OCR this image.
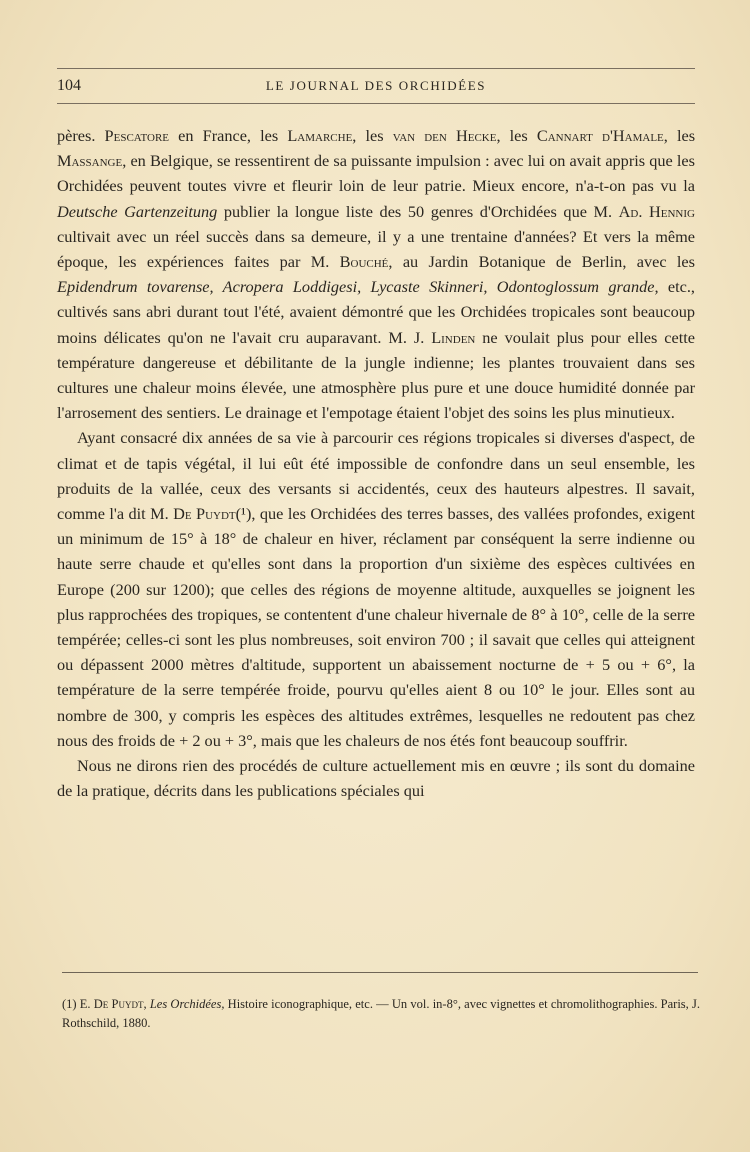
104	LE JOURNAL DES ORCHIDÉES

pères. Pescatore en France, les Lamarche, les van den Hecke, les Cannart d'Hamale, les Massange, en Belgique, se ressentirent de sa puissante impulsion : avec lui on avait appris que les Orchidées peuvent toutes vivre et fleurir loin de leur patrie. Mieux encore, n'a-t-on pas vu la Deutsche Gartenzeitung publier la longue liste des 50 genres d'Orchidées que M. Ad. Hennig cultivait avec un réel succès dans sa demeure, il y a une trentaine d'années? Et vers la même époque, les expériences faites par M. Bouché, au Jardin Botanique de Berlin, avec les Epidendrum tovarense, Acropera Loddigesi, Lycaste Skinneri, Odontoglossum grande, etc., cultivés sans abri durant tout l'été, avaient démontré que les Orchidées tropicales sont beaucoup moins délicates qu'on ne l'avait cru auparavant. M. J. Linden ne voulait plus pour elles cette température dangereuse et débilitante de la jungle indienne; les plantes trouvaient dans ses cultures une chaleur moins élevée, une atmosphère plus pure et une douce humidité donnée par l'arrosement des sentiers. Le drainage et l'empotage étaient l'objet des soins les plus minutieux.

Ayant consacré dix années de sa vie à parcourir ces régions tropicales si diverses d'aspect, de climat et de tapis végétal, il lui eût été impossible de confondre dans un seul ensemble, les produits de la vallée, ceux des versants si accidentés, ceux des hauteurs alpestres. Il savait, comme l'a dit M. De Puydt(¹), que les Orchidées des terres basses, des vallées profondes, exigent un minimum de 15° à 18° de chaleur en hiver, réclament par conséquent la serre indienne ou haute serre chaude et qu'elles sont dans la proportion d'un sixième des espèces cultivées en Europe (200 sur 1200); que celles des régions de moyenne altitude, auxquelles se joignent les plus rapprochées des tropiques, se contentent d'une chaleur hivernale de 8° à 10°, celle de la serre tempérée; celles-ci sont les plus nombreuses, soit environ 700 ; il savait que celles qui atteignent ou dépassent 2000 mètres d'altitude, supportent un abaissement nocturne de + 5 ou + 6°, la température de la serre tempérée froide, pourvu qu'elles aient 8 ou 10° le jour. Elles sont au nombre de 300, y compris les espèces des altitudes extrêmes, lesquelles ne redoutent pas chez nous des froids de + 2 ou + 3°, mais que les chaleurs de nos étés font beaucoup souffrir.

Nous ne dirons rien des procédés de culture actuellement mis en œuvre ; ils sont du domaine de la pratique, décrits dans les publications spéciales qui

(1) E. De Puydt, Les Orchidées, Histoire iconographique, etc. — Un vol. in-8°, avec vignettes et chromolithographies. Paris, J. Rothschild, 1880.
